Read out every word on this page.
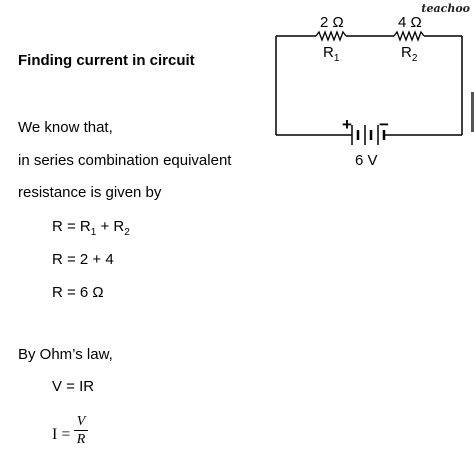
teachoo
2 Ω	4 Ω
$R_1$	$R_2$
+ −
6 V
Finding current in circuit
We know that,
in series combination equivalent
resistance is given by
$R = R_1 + R_2$
R = 2 + 4
R = 6 Ω
By Ohm’s law,
V = IR
I =
V
R
